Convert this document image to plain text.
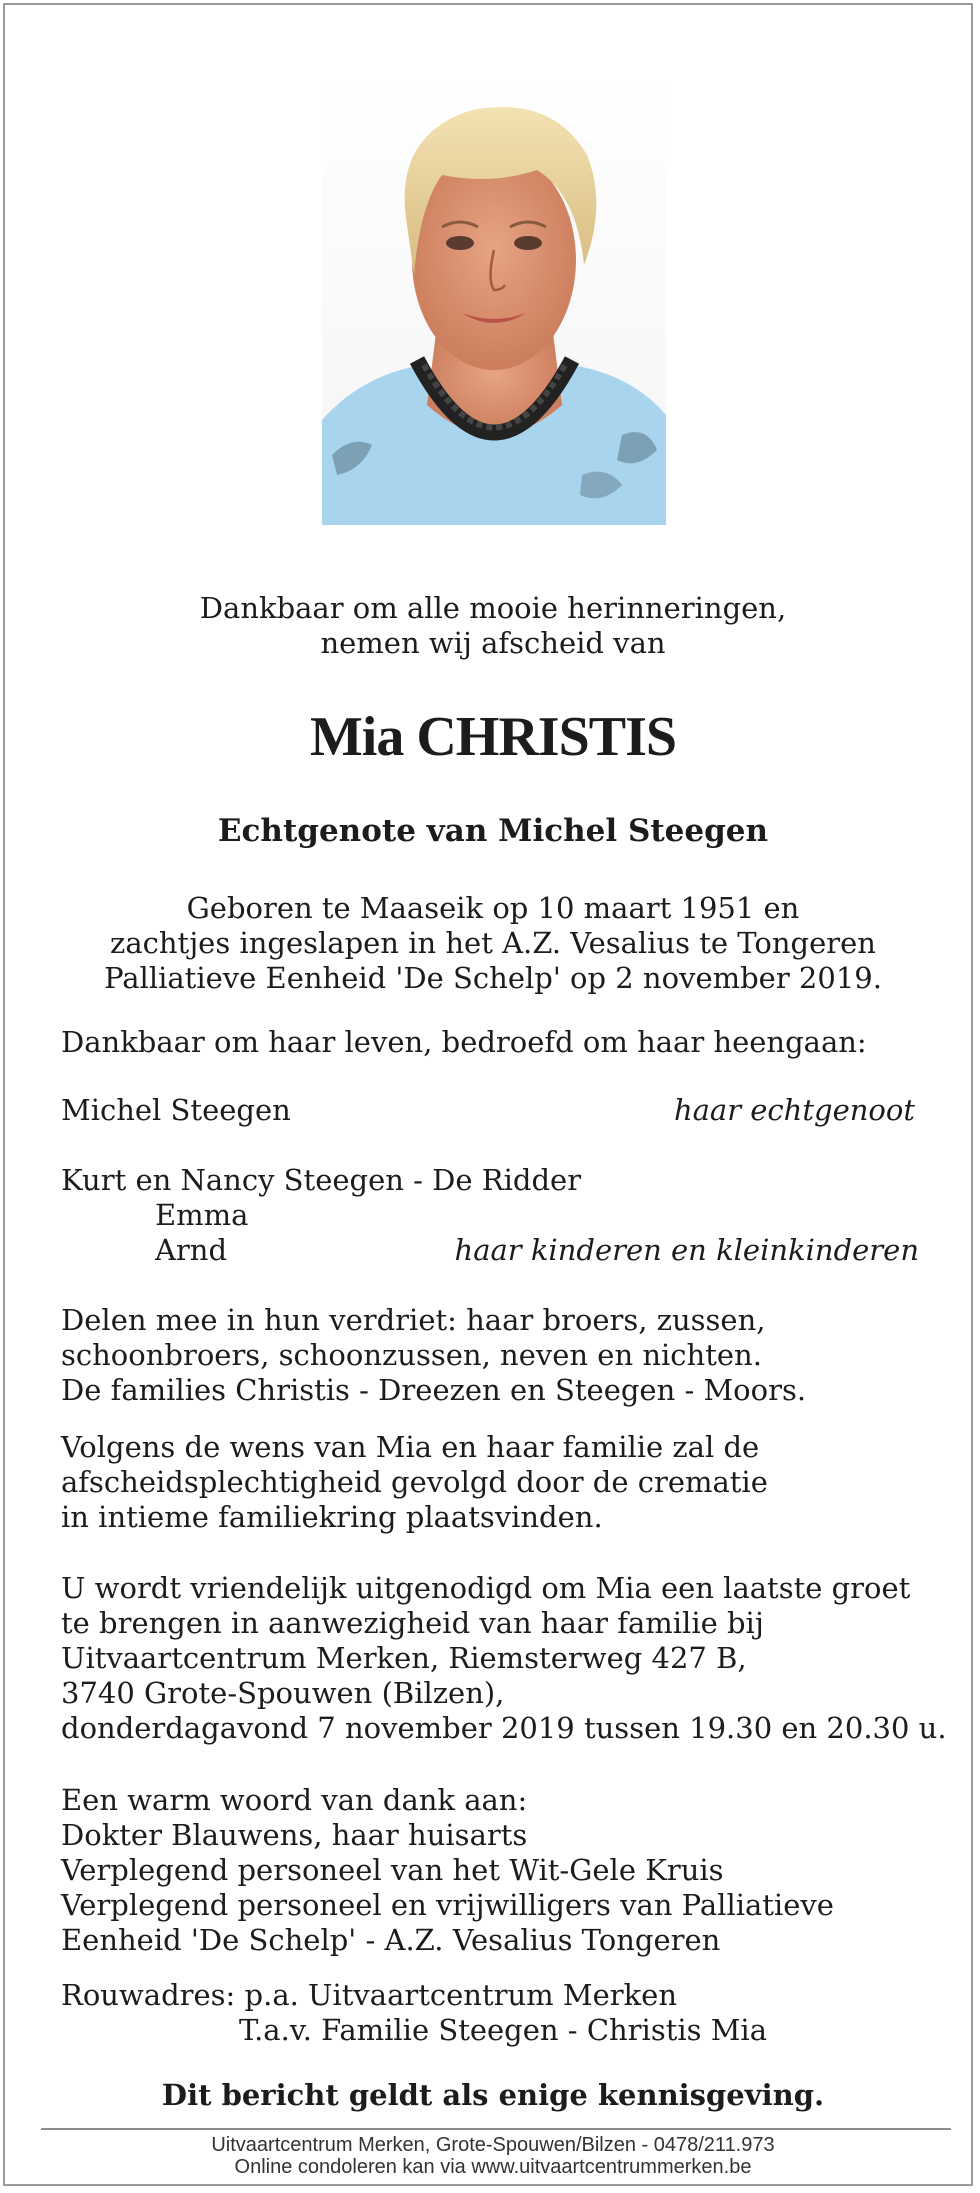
Dankbaar om alle mooie herinneringen,
nemen wij afscheid van
Mia CHRISTIS
Echtgenote van Michel Steegen
Geboren te Maaseik op 10 maart 1951 en
zachtjes ingeslapen in het A.Z. Vesalius te Tongeren
Palliatieve Eenheid 'De Schelp' op 2 november 2019.
Dankbaar om haar leven, bedroefd om haar heengaan:
Michel Steegen	haar echtgenoot
Kurt en Nancy Steegen - De Ridder
Emma
Arnd	haar kinderen en kleinkinderen
Delen mee in hun verdriet: haar broers, zussen,
schoonbroers, schoonzussen, neven en nichten.
De families Christis - Dreezen en Steegen - Moors.
Volgens de wens van Mia en haar familie zal de
afscheidsplechtigheid gevolgd door de crematie
in intieme familiekring plaatsvinden.
U wordt vriendelijk uitgenodigd om Mia een laatste groet
te brengen in aanwezigheid van haar familie bij
Uitvaartcentrum Merken, Riemsterweg 427 B,
3740 Grote-Spouwen (Bilzen),
donderdagavond 7 november 2019 tussen 19.30 en 20.30 u.
Een warm woord van dank aan:
Dokter Blauwens, haar huisarts
Verplegend personeel van het Wit-Gele Kruis
Verplegend personeel en vrijwilligers van Palliatieve
Eenheid 'De Schelp' - A.Z. Vesalius Tongeren
Rouwadres: p.a. Uitvaartcentrum Merken
T.a.v. Familie Steegen - Christis Mia
Dit bericht geldt als enige kennisgeving.
Uitvaartcentrum Merken, Grote-Spouwen/Bilzen - 0478/211.973
Online condoleren kan via www.uitvaartcentrummerken.be
